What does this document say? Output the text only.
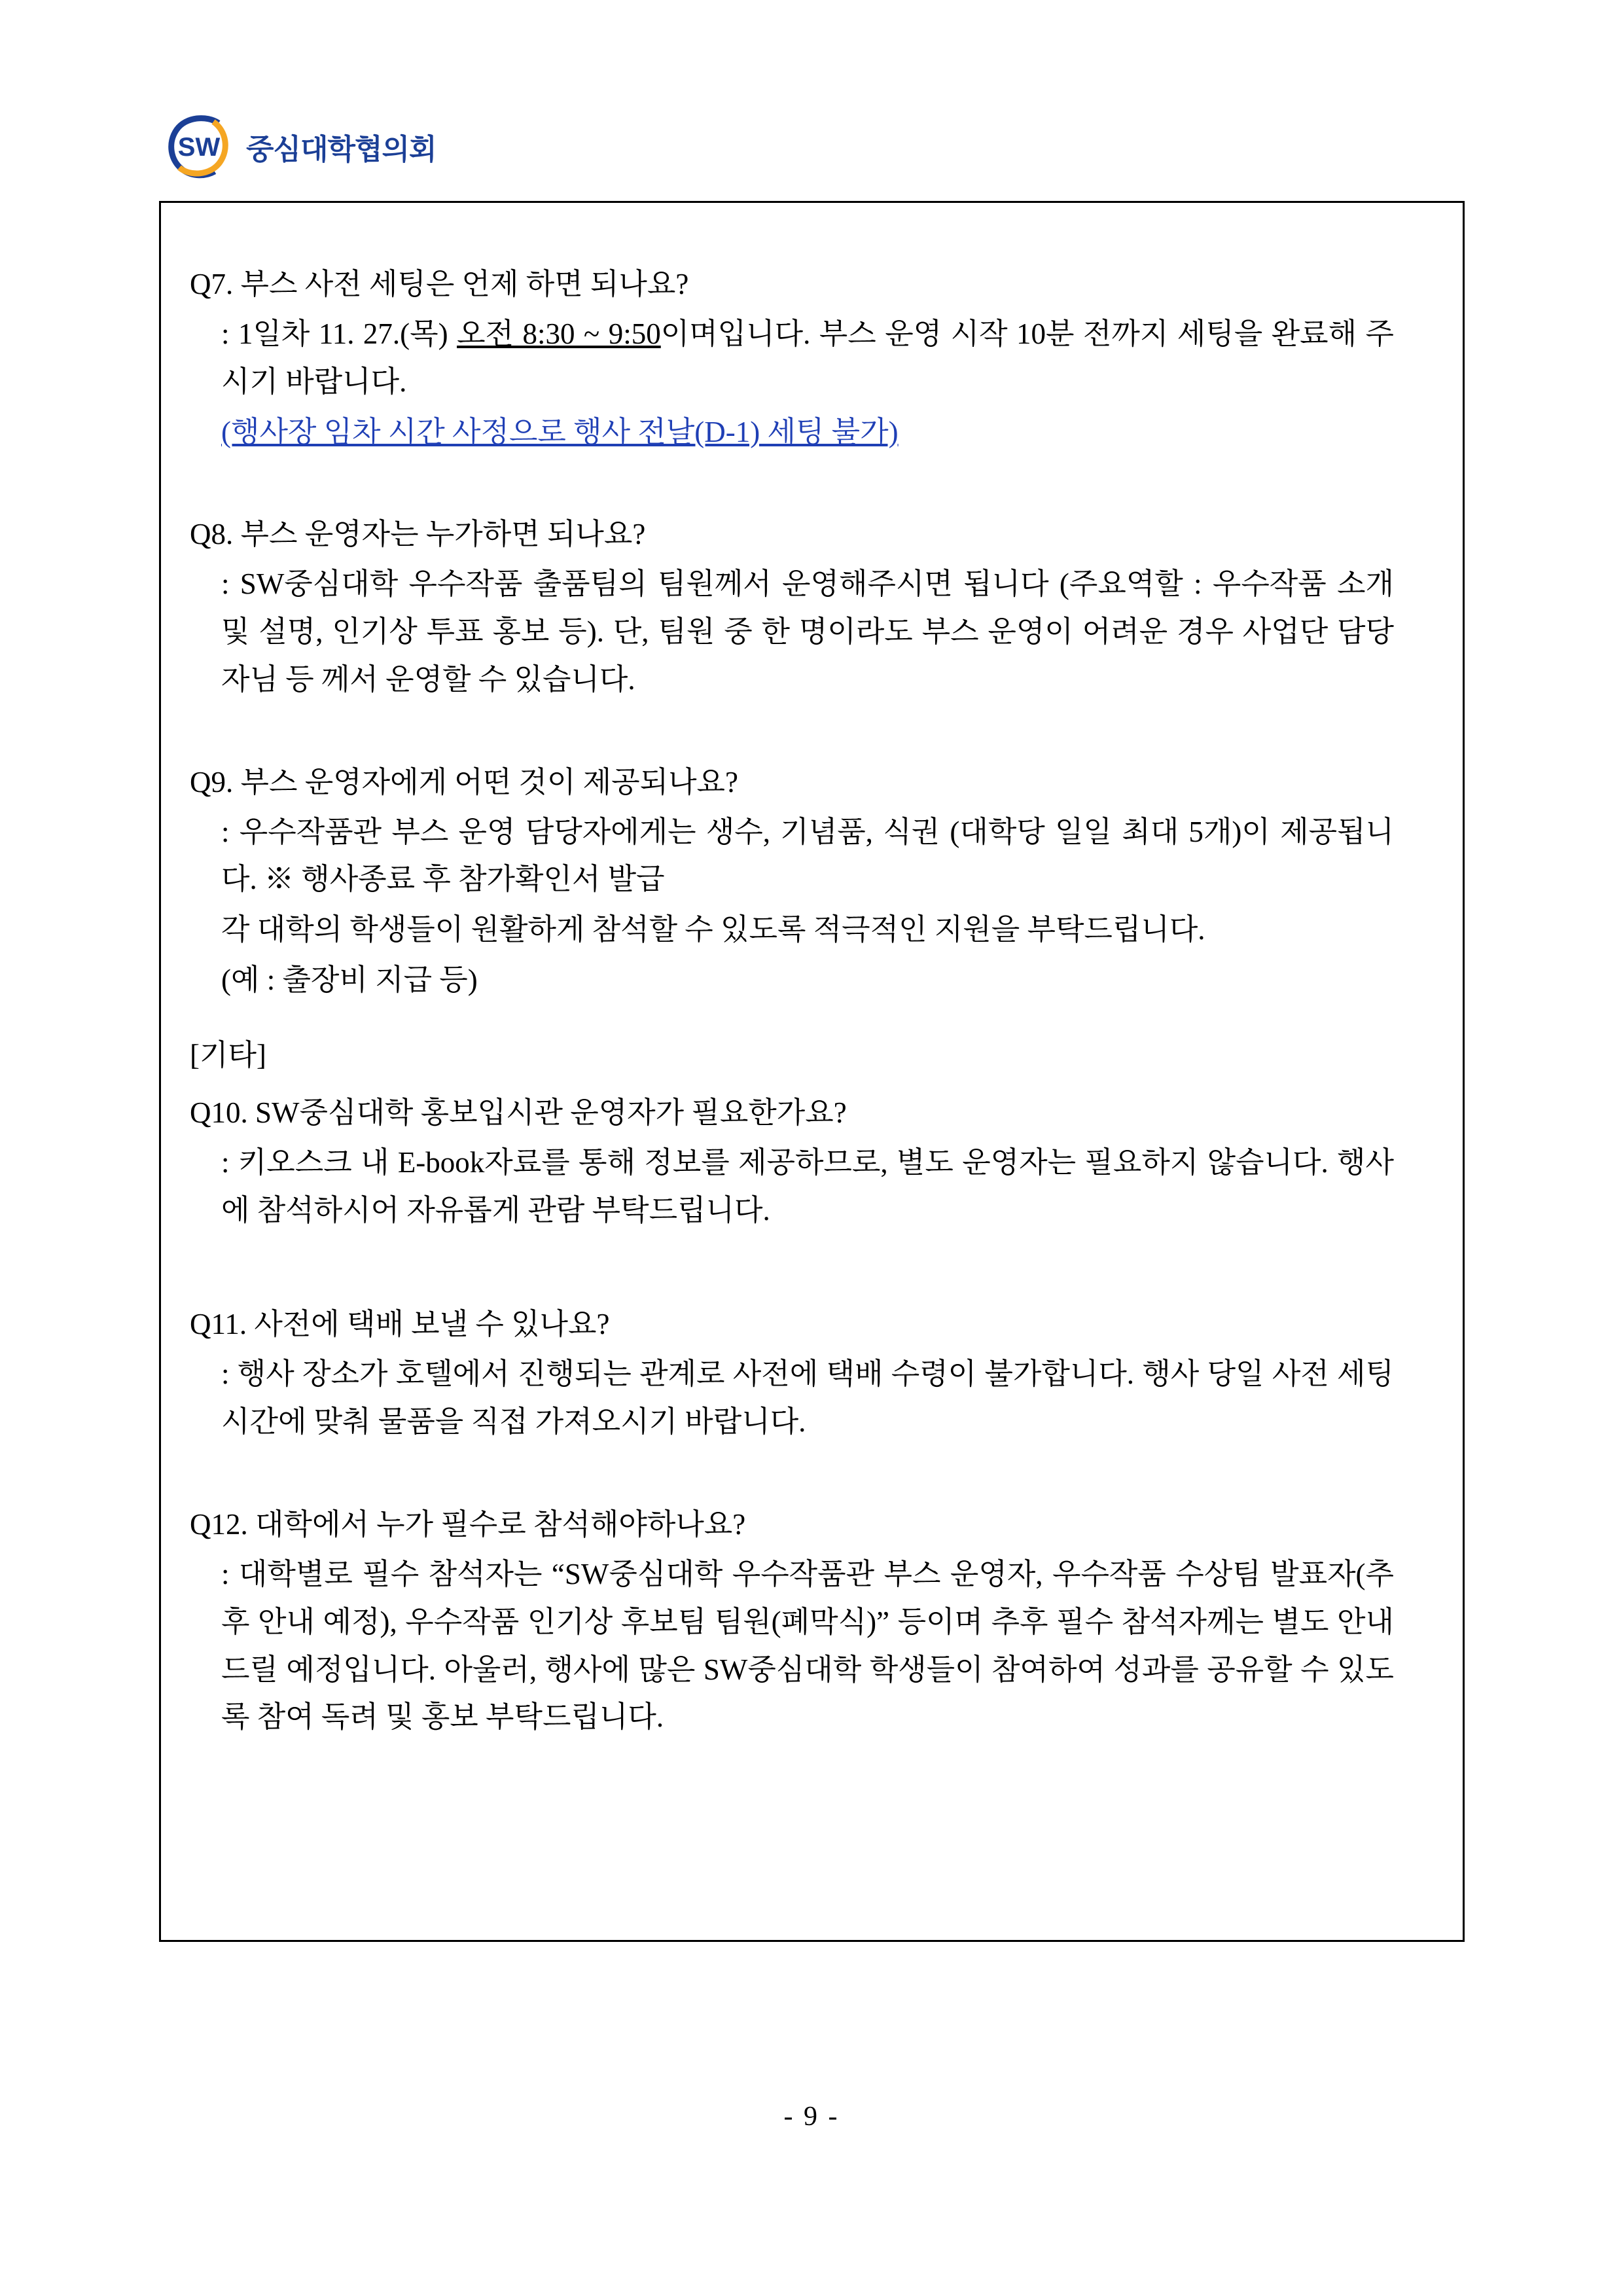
SW 중심대학협의회
Q7. 부스 사전 세팅은 언제 하면 되나요?
: 1일차 11. 27.(목) 오전 8:30 ~ 9:50이며입니다. 부스 운영 시작 10분 전까지 세팅을 완료해 주시기 바랍니다.
(행사장 임차 시간 사정으로 행사 전날(D-1) 세팅 불가)
Q8. 부스 운영자는 누가하면 되나요?
: SW중심대학 우수작품 출품팀의 팀원께서 운영해주시면 됩니다 (주요역할 : 우수작품 소개 및 설명, 인기상 투표 홍보 등). 단, 팀원 중 한 명이라도 부스 운영이 어려운 경우 사업단 담당자님 등 께서 운영할 수 있습니다.
Q9. 부스 운영자에게 어떤 것이 제공되나요?
: 우수작품관 부스 운영 담당자에게는 생수, 기념품, 식권 (대학당 일일 최대 5개)이 제공됩니다. ※ 행사종료 후 참가확인서 발급
각 대학의 학생들이 원활하게 참석할 수 있도록 적극적인 지원을 부탁드립니다.
(예 : 출장비 지급 등)
[기타]
Q10. SW중심대학 홍보입시관 운영자가 필요한가요?
: 키오스크 내 E-book자료를 통해 정보를 제공하므로, 별도 운영자는 필요하지 않습니다. 행사에 참석하시어 자유롭게 관람 부탁드립니다.
Q11. 사전에 택배 보낼 수 있나요?
: 행사 장소가 호텔에서 진행되는 관계로 사전에 택배 수령이 불가합니다. 행사 당일 사전 세팅 시간에 맞춰 물품을 직접 가져오시기 바랍니다.
Q12. 대학에서 누가 필수로 참석해야하나요?
: 대학별로 필수 참석자는 “SW중심대학 우수작품관 부스 운영자, 우수작품 수상팀 발표자(추후 안내 예정), 우수작품 인기상 후보팀 팀원(폐막식)” 등이며 추후 필수 참석자께는 별도 안내 드릴 예정입니다. 아울러, 행사에 많은 SW중심대학 학생들이 참여하여 성과를 공유할 수 있도록 참여 독려 및 홍보 부탁드립니다.
- 9 -
